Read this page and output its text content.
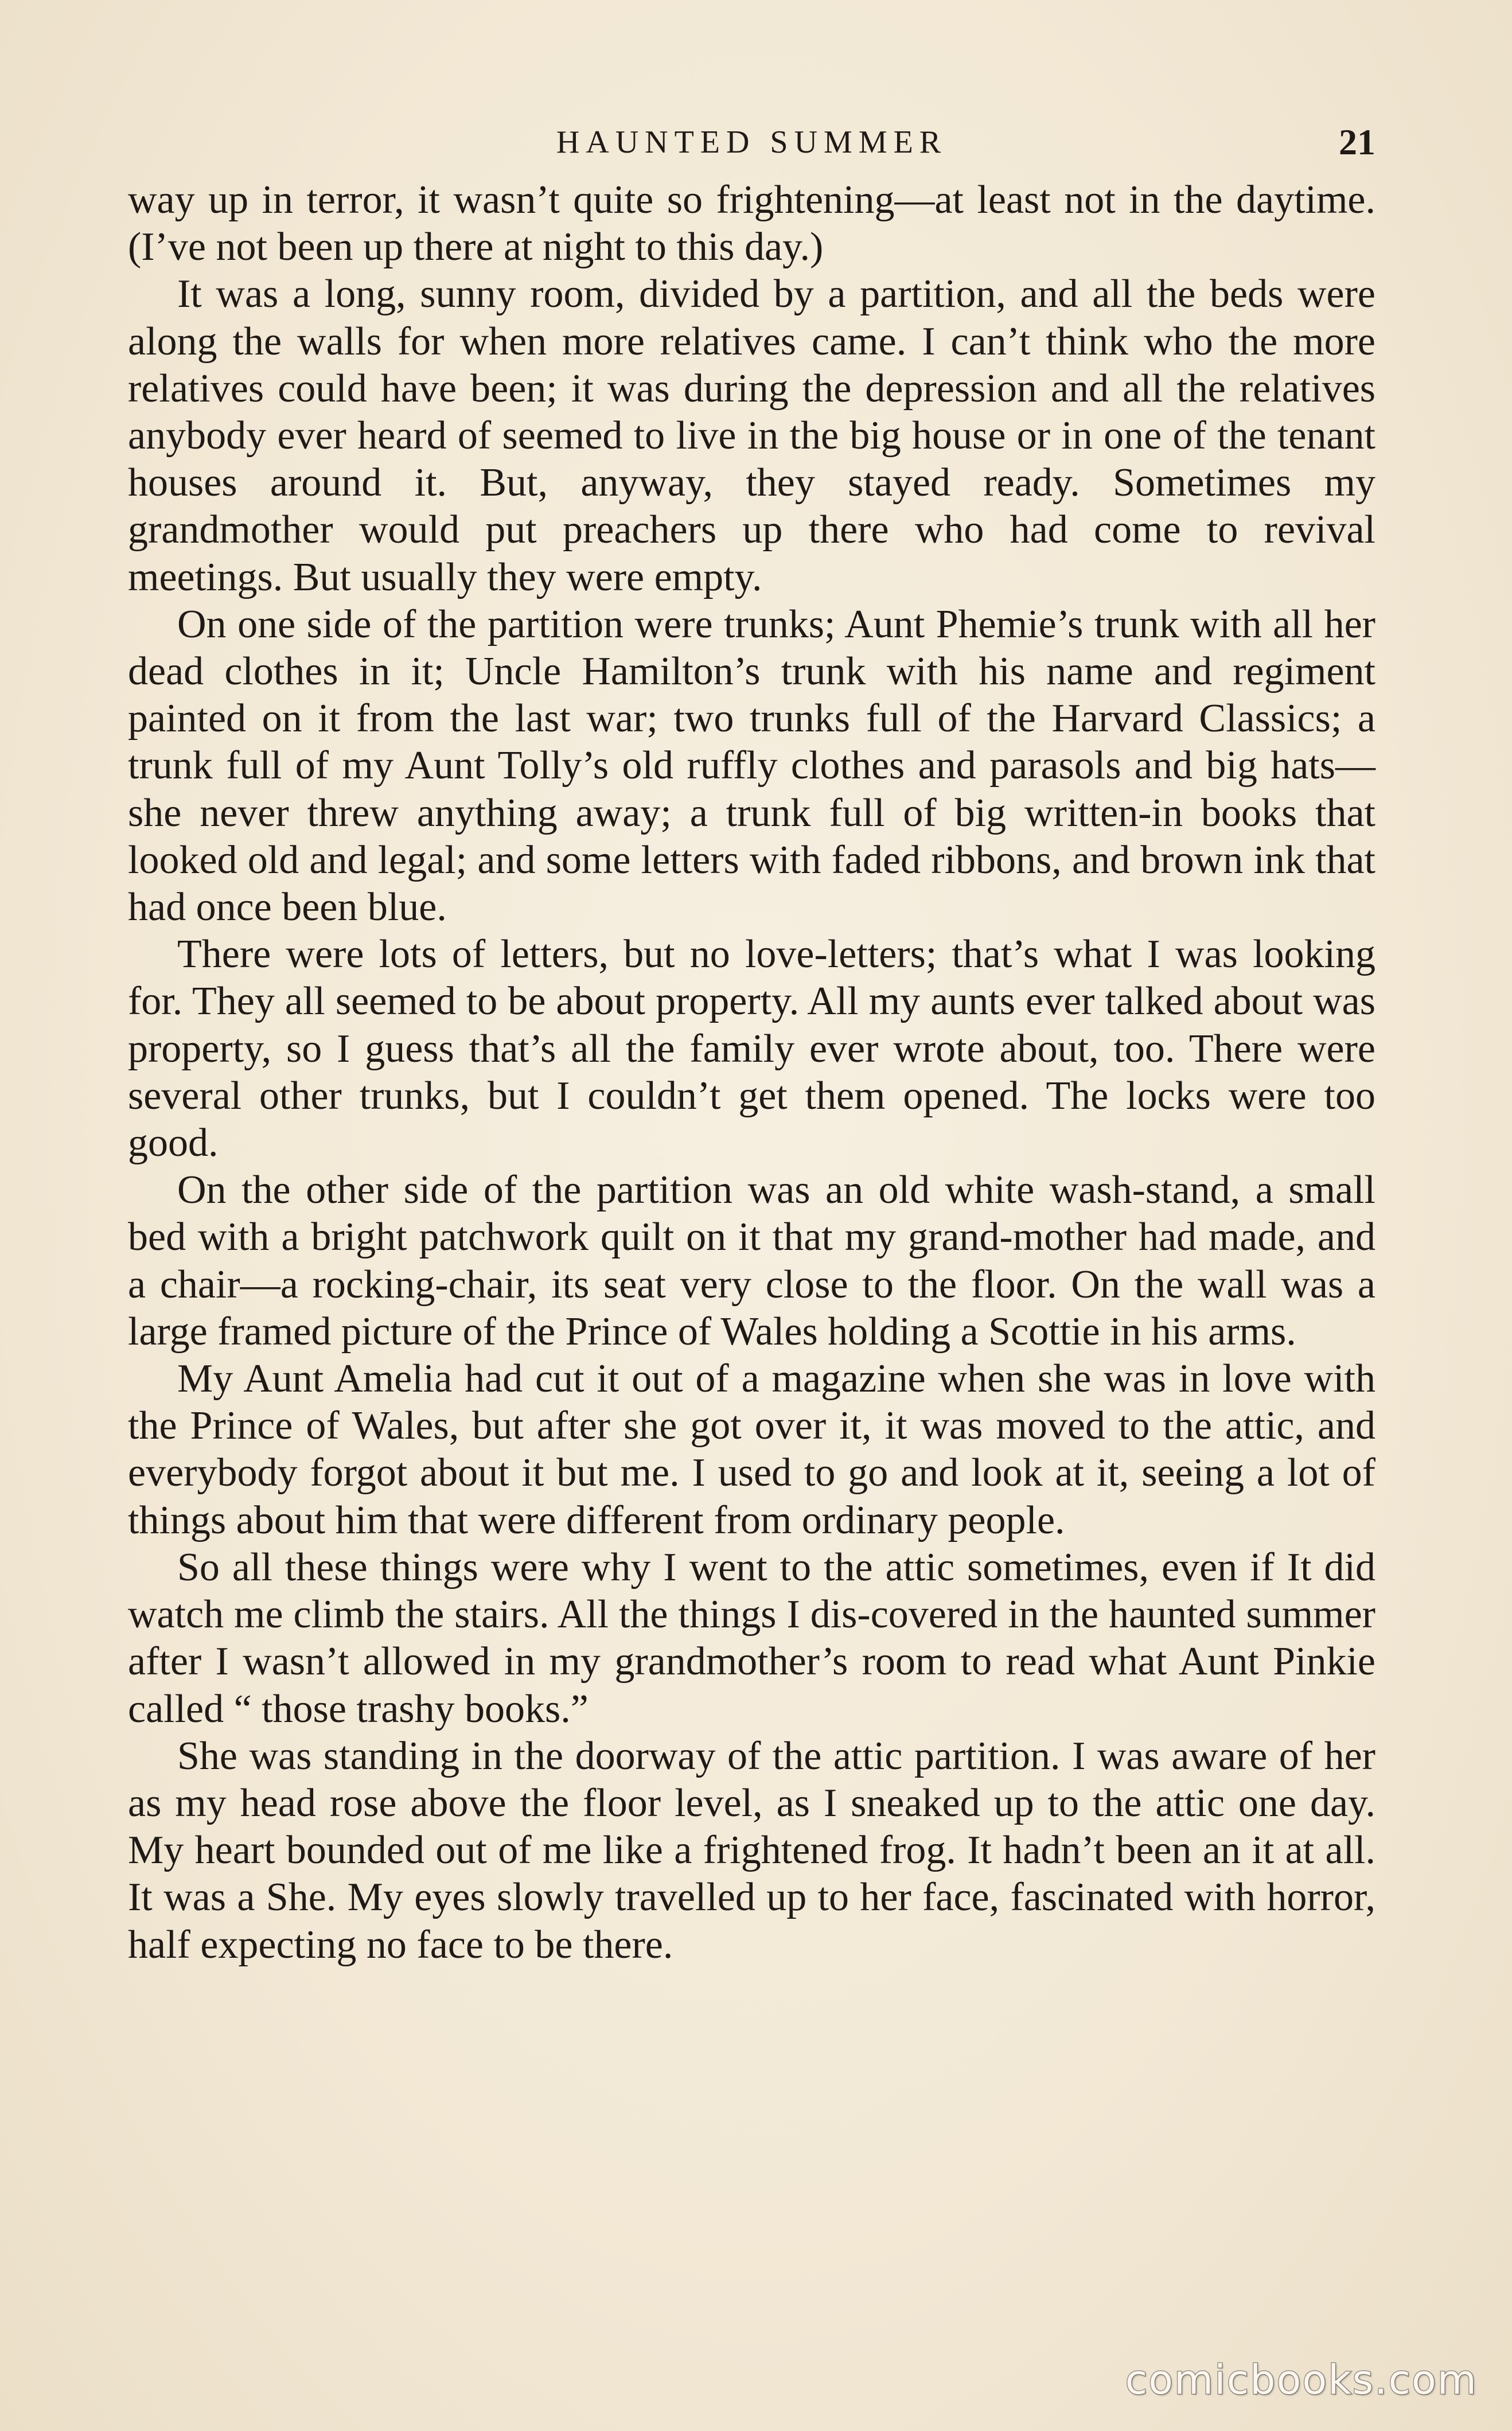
HAUNTED SUMMER	21

way up in terror, it wasn’t quite so frightening—at least not in the daytime. (I’ve not been up there at night to this day.)

It was a long, sunny room, divided by a partition, and all the beds were along the walls for when more relatives came. I can’t think who the more relatives could have been; it was during the depression and all the relatives anybody ever heard of seemed to live in the big house or in one of the tenant houses around it. But, anyway, they stayed ready. Sometimes my grandmother would put preachers up there who had come to revival meetings. But usually they were empty.

On one side of the partition were trunks; Aunt Phemie’s trunk with all her dead clothes in it; Uncle Hamilton’s trunk with his name and regiment painted on it from the last war; two trunks full of the Harvard Classics; a trunk full of my Aunt Tolly’s old ruffly clothes and parasols and big hats—she never threw anything away; a trunk full of big written-in books that looked old and legal; and some letters with faded ribbons, and brown ink that had once been blue.

There were lots of letters, but no love-letters; that’s what I was looking for. They all seemed to be about property. All my aunts ever talked about was property, so I guess that’s all the family ever wrote about, too. There were several other trunks, but I couldn’t get them opened. The locks were too good.

On the other side of the partition was an old white wash-stand, a small bed with a bright patchwork quilt on it that my grand-mother had made, and a chair—a rocking-chair, its seat very close to the floor. On the wall was a large framed picture of the Prince of Wales holding a Scottie in his arms.

My Aunt Amelia had cut it out of a magazine when she was in love with the Prince of Wales, but after she got over it, it was moved to the attic, and everybody forgot about it but me. I used to go and look at it, seeing a lot of things about him that were different from ordinary people.

So all these things were why I went to the attic sometimes, even if It did watch me climb the stairs. All the things I dis-covered in the haunted summer after I wasn’t allowed in my grandmother’s room to read what Aunt Pinkie called “ those trashy books.”

She was standing in the doorway of the attic partition. I was aware of her as my head rose above the floor level, as I sneaked up to the attic one day. My heart bounded out of me like a frightened frog. It hadn’t been an it at all. It was a She. My eyes slowly travelled up to her face, fascinated with horror, half expecting no face to be there.

comicbooks.com
